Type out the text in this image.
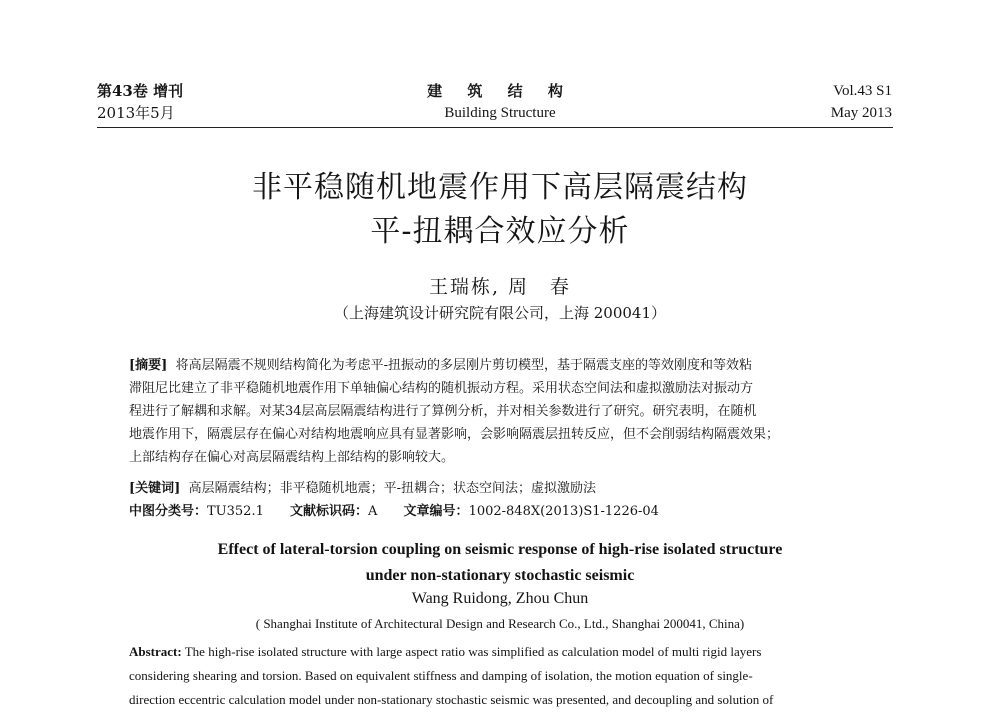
第43卷 增刊
2013年5月
建 筑 结 构
Building Structure
Vol.43 S1
May 2013
非平稳随机地震作用下高层隔震结构
平-扭耦合效应分析
王瑞栋, 周　春
（上海建筑设计研究院有限公司，上海 200041）
[摘要] 将高层隔震不规则结构简化为考虑平-扭振动的多层刚片剪切模型，基于隔震支座的等效刚度和等效粘
滞阻尼比建立了非平稳随机地震作用下单轴偏心结构的随机振动方程。采用状态空间法和虚拟激励法对振动方
程进行了解耦和求解。对某34层高层隔震结构进行了算例分析，并对相关参数进行了研究。研究表明，在随机
地震作用下，隔震层存在偏心对结构地震响应具有显著影响，会影响隔震层扭转反应，但不会削弱结构隔震效果；
上部结构存在偏心对高层隔震结构上部结构的影响较大。
[关键词] 高层隔震结构；非平稳随机地震；平-扭耦合；状态空间法；虚拟激励法
中图分类号：TU352.1 文献标识码：A 文章编号：1002-848X(2013)S1-1226-04
Effect of lateral-torsion coupling on seismic response of high-rise isolated structure
under non-stationary stochastic seismic
Wang Ruidong, Zhou Chun
( Shanghai Institute of Architectural Design and Research Co., Ltd., Shanghai 200041, China)
Abstract: The high-rise isolated structure with large aspect ratio was simplified as calculation model of multi rigid layers
considering shearing and torsion. Based on equivalent stiffness and damping of isolation, the motion equation of single-
direction eccentric calculation model under non-stationary stochastic seismic was presented, and decoupling and solution of
